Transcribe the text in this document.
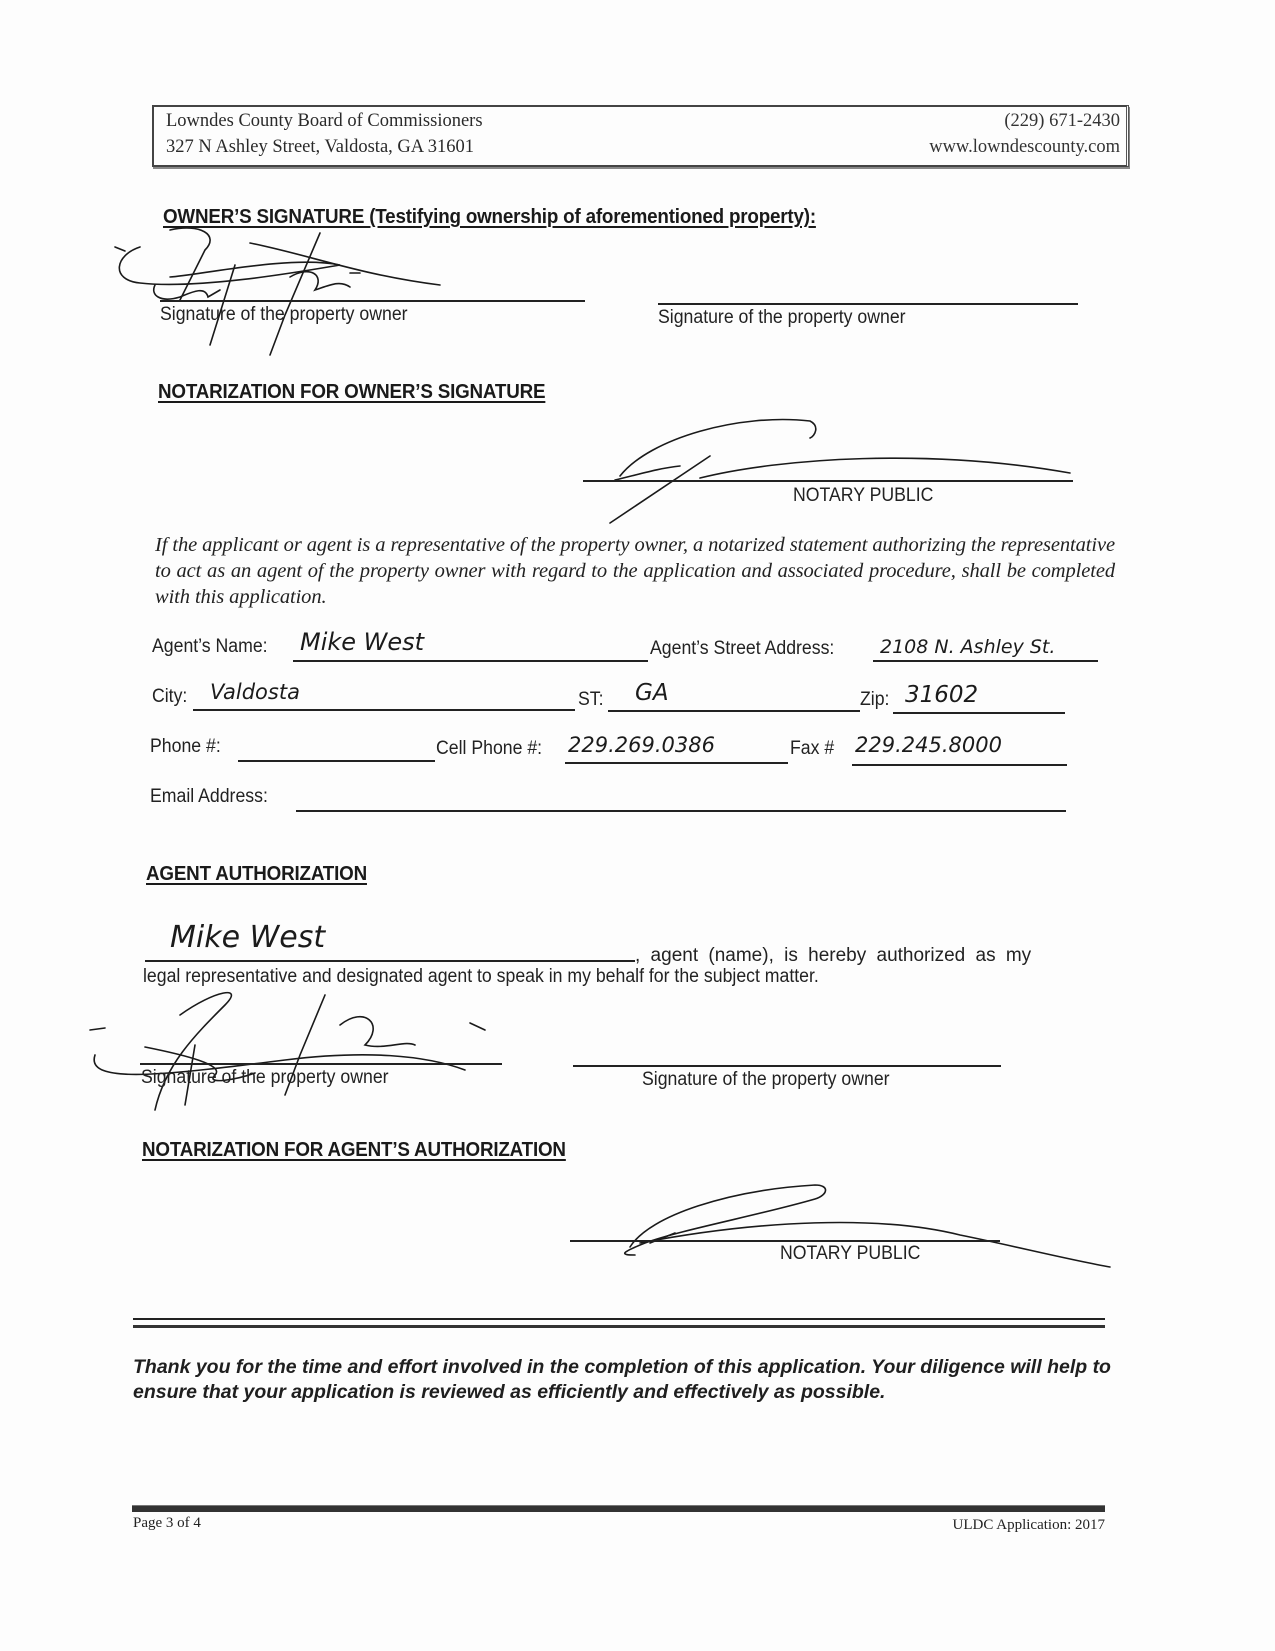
Lowndes County Board of Commissioners
327 N Ashley Street, Valdosta, GA 31601
(229) 671-2430
www.lowndescounty.com
OWNER’S SIGNATURE (Testifying ownership of aforementioned property):
Signature of the property owner	Signature of the property owner
NOTARIZATION FOR OWNER’S SIGNATURE
NOTARY PUBLIC
If the applicant or agent is a representative of the property owner, a notarized statement authorizing the representative to act as an agent of the property owner with regard to the application and associated procedure, shall be completed with this application.
Agent’s Name: Mike West	Agent’s Street Address: 2108 N. Ashley St.
City: Valdosta	ST: GA	Zip: 31602
Phone #:	Cell Phone #: 229.269.0386	Fax # 229.245.8000
Email Address:
AGENT AUTHORIZATION
Mike West
, agent (name), is hereby authorized as my
legal representative and designated agent to speak in my behalf for the subject matter.
Signature of the property owner	Signature of the property owner
NOTARIZATION FOR AGENT’S AUTHORIZATION
NOTARY PUBLIC
Thank you for the time and effort involved in the completion of this application. Your diligence will help to ensure that your application is reviewed as efficiently and effectively as possible.
Page 3 of 4	ULDC Application: 2017
